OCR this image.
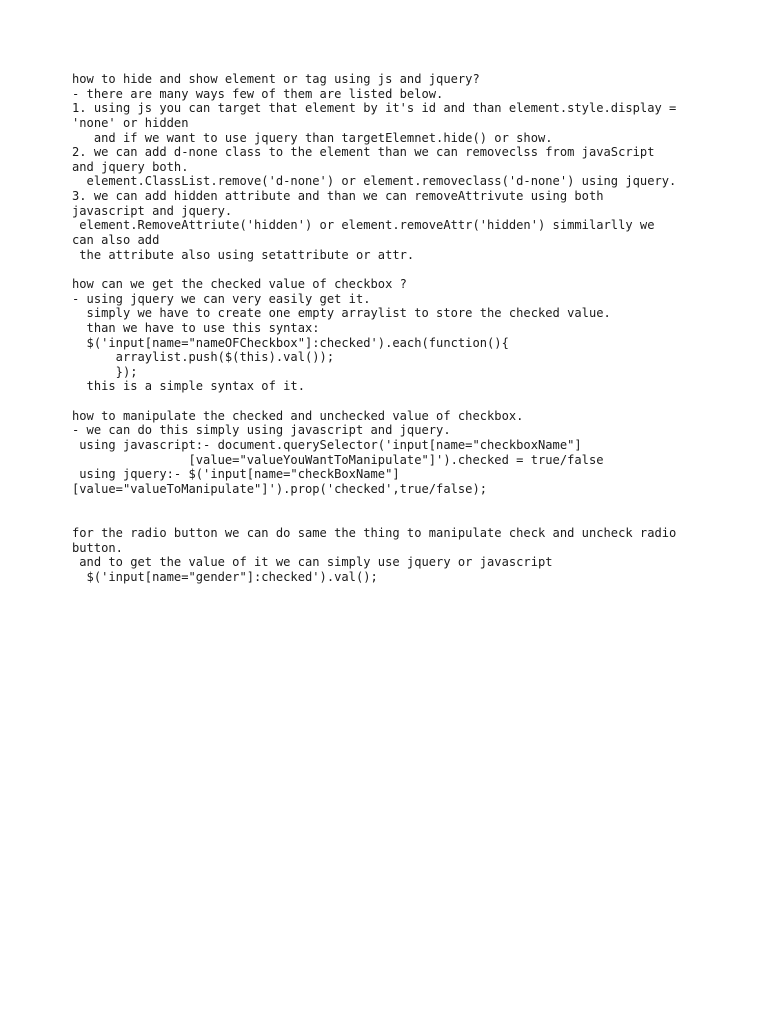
how to hide and show element or tag using js and jquery?
- there are many ways few of them are listed below.
1. using js you can target that element by it's id and than element.style.display =
'none' or hidden
and if we want to use jquery than targetElemnet.hide() or show.
2. we can add d-none class to the element than we can removeclss from javaScript
and jquery both.
element.ClassList.remove('d-none') or element.removeclass('d-none') using jquery.
3. we can add hidden attribute and than we can removeAttrivute using both
javascript and jquery.
element.RemoveAttriute('hidden') or element.removeAttr('hidden') simmilarlly we
can also add
the attribute also using setattribute or attr.
how can we get the checked value of checkbox ?
- using jquery we can very easily get it.
simply we have to create one empty arraylist to store the checked value.
than we have to use this syntax:
$('input[name="nameOFCheckbox"]:checked').each(function(){
arraylist.push($(this).val());
});
this is a simple syntax of it.
how to manipulate the checked and unchecked value of checkbox.
- we can do this simply using javascript and jquery.
using javascript:- document.querySelector('input[name="checkboxName"]
[value="valueYouWantToManipulate"]').checked = true/false
using jquery:- $('input[name="checkBoxName"]
[value="valueToManipulate"]').prop('checked',true/false);
for the radio button we can do same the thing to manipulate check and uncheck radio
button.
and to get the value of it we can simply use jquery or javascript
$('input[name="gender"]:checked').val();
